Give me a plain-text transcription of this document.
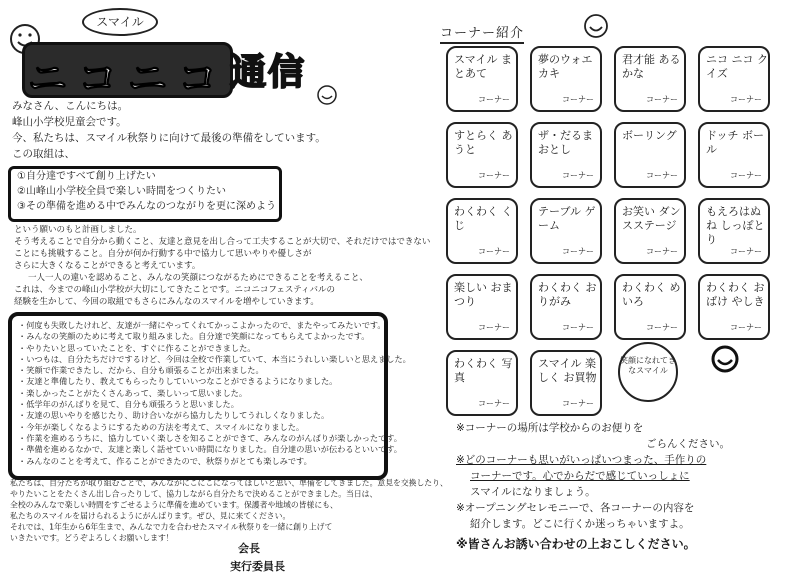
スマイル
ニコニコ 通信
みなさん、こんにちは。
峰山小学校児童会です。
今、私たちは、スマイル秋祭りに向けて最後の準備をしています。
この取組は、
①自分達ですべて創り上げたい
②山峰山小学校全員で楽しい時間をつくりたい
③その準備を進める中でみんなのつながりを更に深めよう
という願いのもと計画しました。
そう考えることで自分から動くこと、友達と意見を出し合って工夫することが大切で、それだけではできない
ことにも挑戦すること。自分が何か行動する中で協力して思いやりや優しさが
さらに大きくなることができると考えています。
一人一人の違いを認めること、みんなの笑顔につながるためにできることを考えること、
これは、今までの峰山小学校が大切にしてきたことです。ニコニコフェスティバルの
経験を生かして、今回の取組でもさらにみんなのスマイルを増やしていきます。
・何度も失敗したけれど、友達が一緒にやってくれてかっこよかったので、またやってみたいです。
・みんなの笑顔のために考えて取り組みました。自分達で笑顔になってもらえてよかったです。
・やりたいと思っていたことを、すぐに作ることができました。
・いつもは、自分たちだけでするけど、今回は全校で作業していて、本当にうれしい楽しいと思えました。
・笑顔で作業できたし、だから、自分も頑張ることが出来ました。
・友達と準備したり、教えてもらったりしていいつなことができるようになりました。
・楽しかったことがたくさんあって、楽しいって思いました。
・低学年のがんばりを見て、自分も頑張ろうと思いました。
・友達の思いやりを感じたり、助け合いながら協力したりしてうれしくなりました。
・今年が楽しくなるようにするための方法を考えて、スマイルになりました。
・作業を進めるうちに、協力していく楽しさを知ることができて、みんなのがんばりが楽しかったです。
・準備を進めるなかで、友達と楽しく話せていい時間になりました。自分達の思いが伝わるといいです。
・みんなのことを考えて、作ることができたので、秋祭りがとても楽しみです。
私たちは、自分たちが取り組むことで、みんながにこにこになってほしいと思い、準備をしてきました。意見を交換したり、
やりたいことをたくさん出し合ったりして、協力しながら自分たちで決めることができました。当日は、
全校のみんなで楽しい時間をすごせるように準備を進めています。保護者や地域の皆様にも、
私たちのスマイルを届けられるようにがんばります。ぜひ、見に来てください。
それでは、1年生から6年生まで、みんなで力を合わせたスマイル秋祭りを一緒に創り上げて
いきたいです。どうぞよろしくお願いします！
会長
実行委員長
コーナー紹介
スマイル まとあて
コーナー
夢のウォエカキ
コーナー
君才能 あるかな
コーナー
ニコ ニコ クイズ
コーナー
すとらく あうと
コーナー
ザ・だるま おとし
コーナー
ボーリング
コーナー
ドッチ ボール
コーナー
わくわく くじ
コーナー
テーブル ゲーム
コーナー
お笑い ダンスステージ
コーナー
もえろはぬね しっぽとり
コーナー
楽しい おまつり
コーナー
わくわく おりがみ
コーナー
わくわく めいろ
コーナー
わくわく おばけ やしき
コーナー
わくわく 写真
コーナー
スマイル 楽しく お買物
コーナー
笑顔になれてきなスマイル
※コーナーの場所は学校からのお便りを
ごらんください。
※どのコーナーも思いがいっぱいつまった、手作りの
コーナーです。心でからだで感じていっしょに
スマイルになりましょう。
※オープニングセレモニーで、各コーナーの内容を
紹介します。どこに行くか迷っちゃいますよ。
※皆さんお誘い合わせの上おこしください。
